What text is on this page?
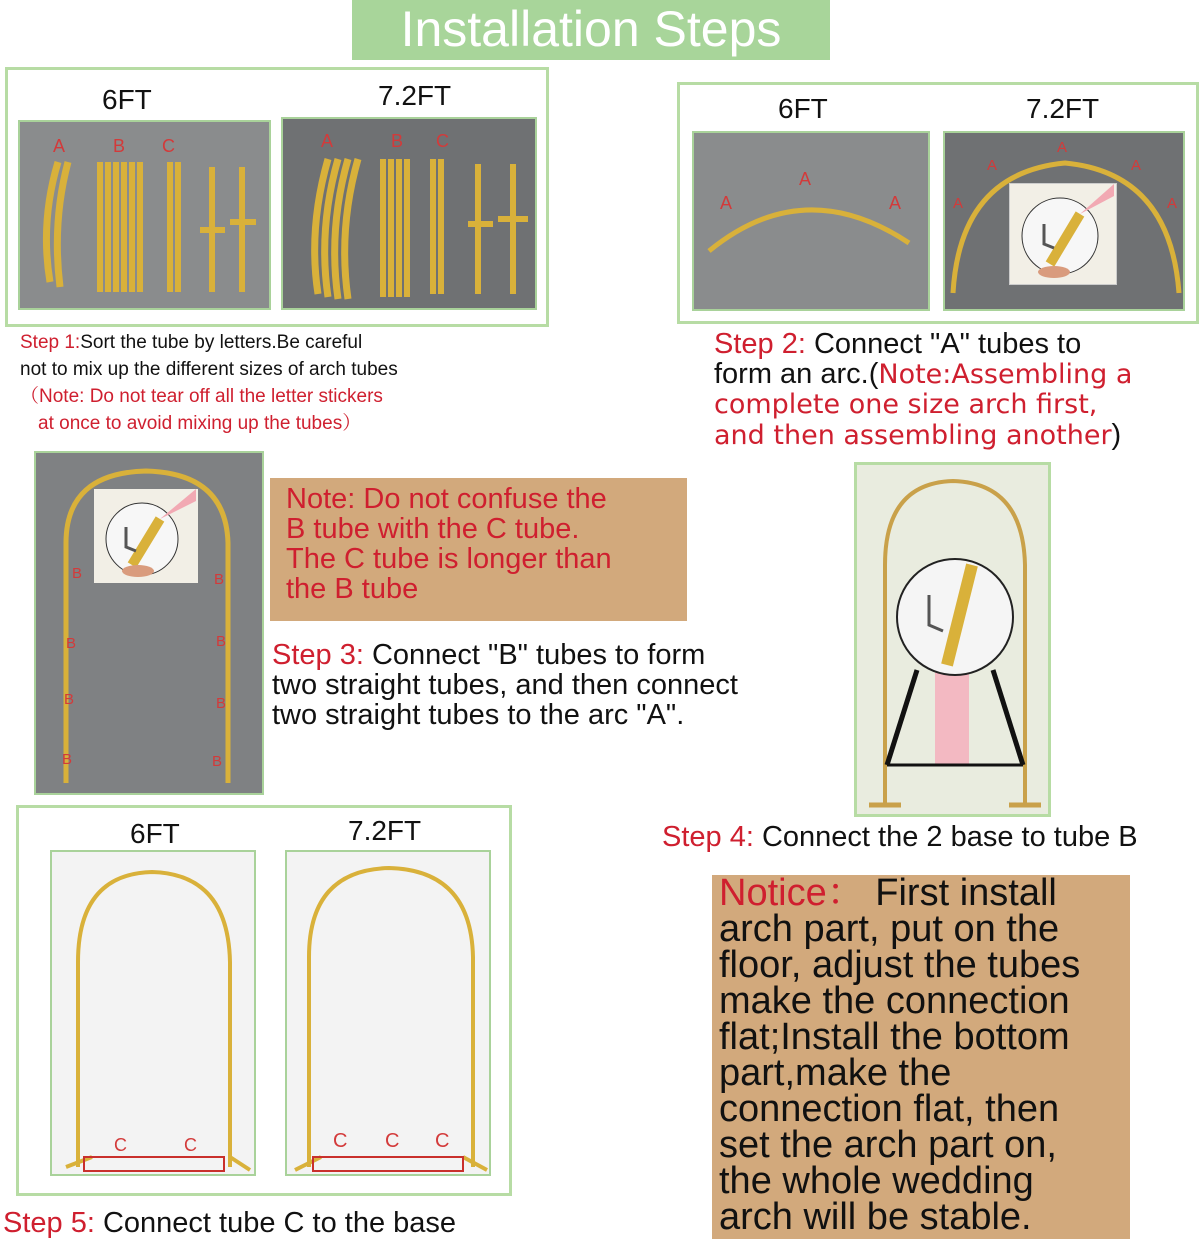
Installation Steps
6FT	7.2FT
A	B C	A	B C
Step 1:Sort the tube by letters.Be careful
not to mix up the different sizes of arch tubes
（Note: Do not tear off all the letter stickers
at once to avoid mixing up the tubes）
6FT	7.2FT
A
A
A	A
A
A
A
A
Step 2: Connect "A" tubes to
form an arc.(Note:Assembling a
complete one size arch first,
and then assembling another)
B
B
B
B
B
B
B
B
Note: Do not confuse the
B tube with the C tube.
The C tube is longer than
the B tube
Step 3: Connect "B" tubes to form
two straight tubes, and then connect
two straight tubes to the arc "A".
Step 4: Connect the 2 base to tube B
6FT	7.2FT
C	C	C C C
Step 5: Connect tube C to the base
Notice： First install
arch part, put on the
floor, adjust the tubes
make the connection
flat;Install the bottom
part,make the
connection flat, then
set the arch part on,
the whole wedding
arch will be stable.
